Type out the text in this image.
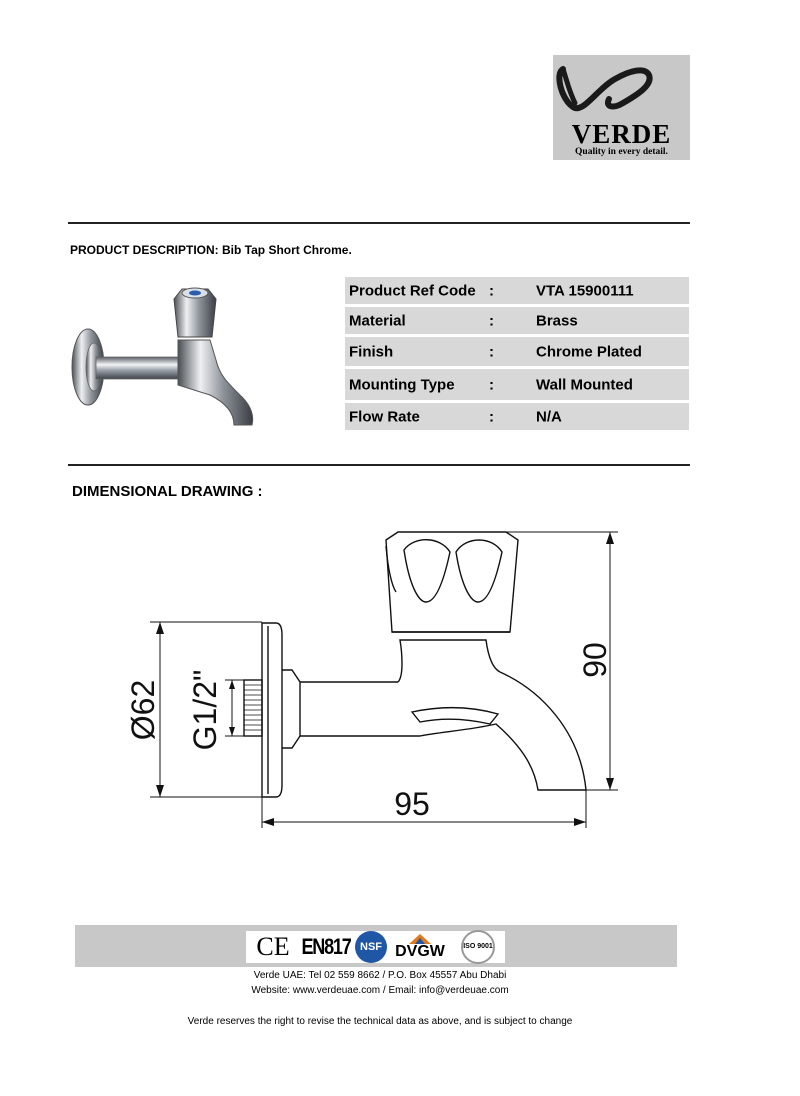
VERDE
Quality in every detail.
PRODUCT DESCRIPTION: Bib Tap Short Chrome.
Product Ref Code :	VTA 15900111
Material	:	Brass
Finish	:	Chrome Plated
Mounting Type :	Wall Mounted
Flow Rate	:	N/A
DIMENSIONAL DRAWING :
Ø62 G1/2"
90
95
CE EN817 NSF DVGW	ISO 9001
Verde UAE: Tel 02 559 8662 / P.O. Box 45557 Abu Dhabi
Website: www.verdeuae.com / Email: info@verdeuae.com
Verde reserves the right to revise the technical data as above, and is subject to change
